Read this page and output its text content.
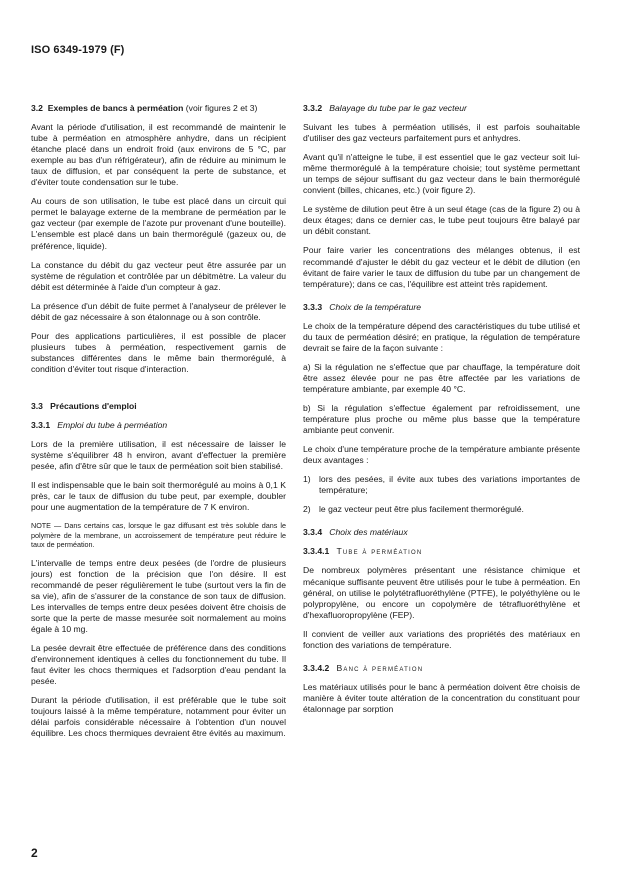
ISO 6349-1979 (F)
3.2 Exemples de bancs à perméation (voir figures 2 et 3)

Avant la période d'utilisation, il est recommandé de maintenir le tube à perméation en atmosphère anhydre, dans un récipient étanche placé dans un endroit froid (aux environs de 5 °C, par exemple au bas d'un réfrigérateur), afin de réduire au minimum le taux de diffusion, et par conséquent la perte de substance, et d'éviter toute condensation sur le tube.

Au cours de son utilisation, le tube est placé dans un circuit qui permet le balayage externe de la membrane de perméation par le gaz vecteur (par exemple de l'azote pur provenant d'une bouteille). L'ensemble est placé dans un bain thermorégulé (gazeux ou, de préférence, liquide).

La constance du débit du gaz vecteur peut être assurée par un système de régulation et contrôlée par un débitmètre. La valeur du débit est déterminée à l'aide d'un compteur à gaz.

La présence d'un débit de fuite permet à l'analyseur de prélever le débit de gaz nécessaire à son étalonnage ou à son contrôle.

Pour des applications particulières, il est possible de placer plusieurs tubes à perméation, respectivement garnis de substances différentes dans le même bain thermorégulé, à condition d'éviter tout risque d'interaction.

3.3 Précautions d'emploi
3.3.1 Emploi du tube à perméation

Lors de la première utilisation, il est nécessaire de laisser le système s'équilibrer 48 h environ, avant d'effectuer la première pesée, afin d'être sûr que le taux de perméation soit bien stabilisé.

Il est indispensable que le bain soit thermorégulé au moins à 0,1 K près, car le taux de diffusion du tube peut, par exemple, doubler pour une augmentation de la température de 7 K environ.

NOTE — Dans certains cas, lorsque le gaz diffusant est très soluble dans le polymère de la membrane, un accroissement de température peut réduire le taux de perméation.

L'intervalle de temps entre deux pesées (de l'ordre de plusieurs jours) est fonction de la précision que l'on désire. Il est recommandé de peser régulièrement le tube (surtout vers la fin de sa vie), afin de s'assurer de la constance de son taux de diffusion. Les intervalles de temps entre deux pesées doivent être choisis de sorte que la perte de masse mesurée soit normalement au moins égale à 10 mg.

La pesée devrait être effectuée de préférence dans des conditions d'environnement identiques à celles du fonctionnement du tube. Il faut éviter les chocs thermiques et l'adsorption d'eau pendant la pesée.

Durant la période d'utilisation, il est préférable que le tube soit toujours laissé à la même température, notamment pour éviter un délai parfois considérable nécessaire à l'obtention d'un nouvel équilibre. Les chocs thermiques devraient être évités au maximum.

3.3.2 Balayage du tube par le gaz vecteur

Suivant les tubes à perméation utilisés, il est parfois souhaitable d'utiliser des gaz vecteurs parfaitement purs et anhydres.

Avant qu'il n'atteigne le tube, il est essentiel que le gaz vecteur soit lui-même thermorégulé à la température choisie; tout système permettant un temps de séjour suffisant du gaz vecteur dans le bain thermorégulé convient (billes, chicanes, etc.) (voir figure 2).

Le système de dilution peut être à un seul étage (cas de la figure 2) ou à deux étages; dans ce dernier cas, le tube peut toujours être balayé par un débit constant.

Pour faire varier les concentrations des mélanges obtenus, il est recommandé d'ajuster le débit du gaz vecteur et le débit de dilution (en évitant de faire varier le taux de diffusion du tube par un changement de température); dans ce cas, l'équilibre est atteint très rapidement.

3.3.3 Choix de la température

Le choix de la température dépend des caractéristiques du tube utilisé et du taux de perméation désiré; en pratique, la régulation de température devrait se faire de la façon suivante :

a) Si la régulation ne s'effectue que par chauffage, la température doit être assez élevée pour ne pas être affectée par les variations de température ambiante, par exemple 40 °C.

b) Si la régulation s'effectue également par refroidissement, une température plus proche ou même plus basse que la température ambiante peut convenir.

Le choix d'une température proche de la température ambiante présente deux avantages :

1) lors des pesées, il évite aux tubes des variations importantes de température;
2) le gaz vecteur peut être plus facilement thermorégulé.
3.3.4 Choix des matériaux
3.3.4.1 Tube à perméation

De nombreux polymères présentant une résistance chimique et mécanique suffisante peuvent être utilisés pour le tube à perméation. En général, on utilise le polytétrafluoréthylène (PTFE), le polyéthylène ou le polypropylène, ou encore un copolymère de tétrafluoréthylène et d'hexafluoropropylène (FEP).

Il convient de veiller aux variations des propriétés des matériaux en fonction des variations de température.

3.3.4.2 Banc à perméation

Les matériaux utilisés pour le banc à perméation doivent être choisis de manière à éviter toute altération de la concentration du constituant pour étalonnage par sorption

2
